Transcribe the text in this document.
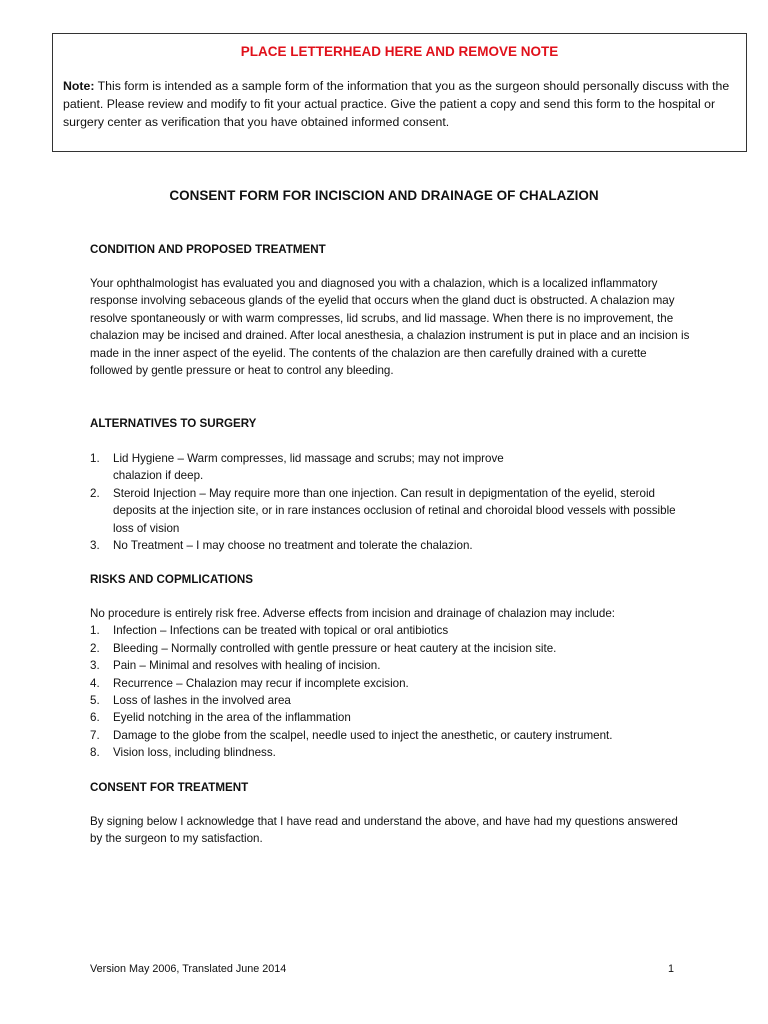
PLACE LETTERHEAD HERE AND REMOVE NOTE
Note: This form is intended as a sample form of the information that you as the surgeon should personally discuss with the patient. Please review and modify to fit your actual practice. Give the patient a copy and send this form to the hospital or surgery center as verification that you have obtained informed consent.
CONSENT FORM FOR INCISCION AND DRAINAGE OF CHALAZION
CONDITION AND PROPOSED TREATMENT
Your ophthalmologist has evaluated you and diagnosed you with a chalazion, which is a localized inflammatory response involving sebaceous glands of the eyelid that occurs when the gland duct is obstructed. A chalazion may resolve spontaneously or with warm compresses, lid scrubs, and lid massage. When there is no improvement, the chalazion may be incised and drained. After local anesthesia, a chalazion instrument is put in place and an incision is made in the inner aspect of the eyelid. The contents of the chalazion are then carefully drained with a curette followed by gentle pressure or heat to control any bleeding.
ALTERNATIVES TO SURGERY
1. Lid Hygiene – Warm compresses, lid massage and scrubs; may not improve chalazion if deep.
2. Steroid Injection – May require more than one injection. Can result in depigmentation of the eyelid, steroid deposits at the injection site, or in rare instances occlusion of retinal and choroidal blood vessels with possible loss of vision
3. No Treatment – I may choose no treatment and tolerate the chalazion.
RISKS AND COPMLICATIONS
No procedure is entirely risk free. Adverse effects from incision and drainage of chalazion may include:
1. Infection – Infections can be treated with topical or oral antibiotics
2. Bleeding – Normally controlled with gentle pressure or heat cautery at the incision site.
3. Pain – Minimal and resolves with healing of incision.
4. Recurrence – Chalazion may recur if incomplete excision.
5. Loss of lashes in the involved area
6. Eyelid notching in the area of the inflammation
7. Damage to the globe from the scalpel, needle used to inject the anesthetic, or cautery instrument.
8. Vision loss, including blindness.
CONSENT FOR TREATMENT
By signing below I acknowledge that I have read and understand the above, and have had my questions answered by the surgeon to my satisfaction.
Version May 2006, Translated June 2014	1
